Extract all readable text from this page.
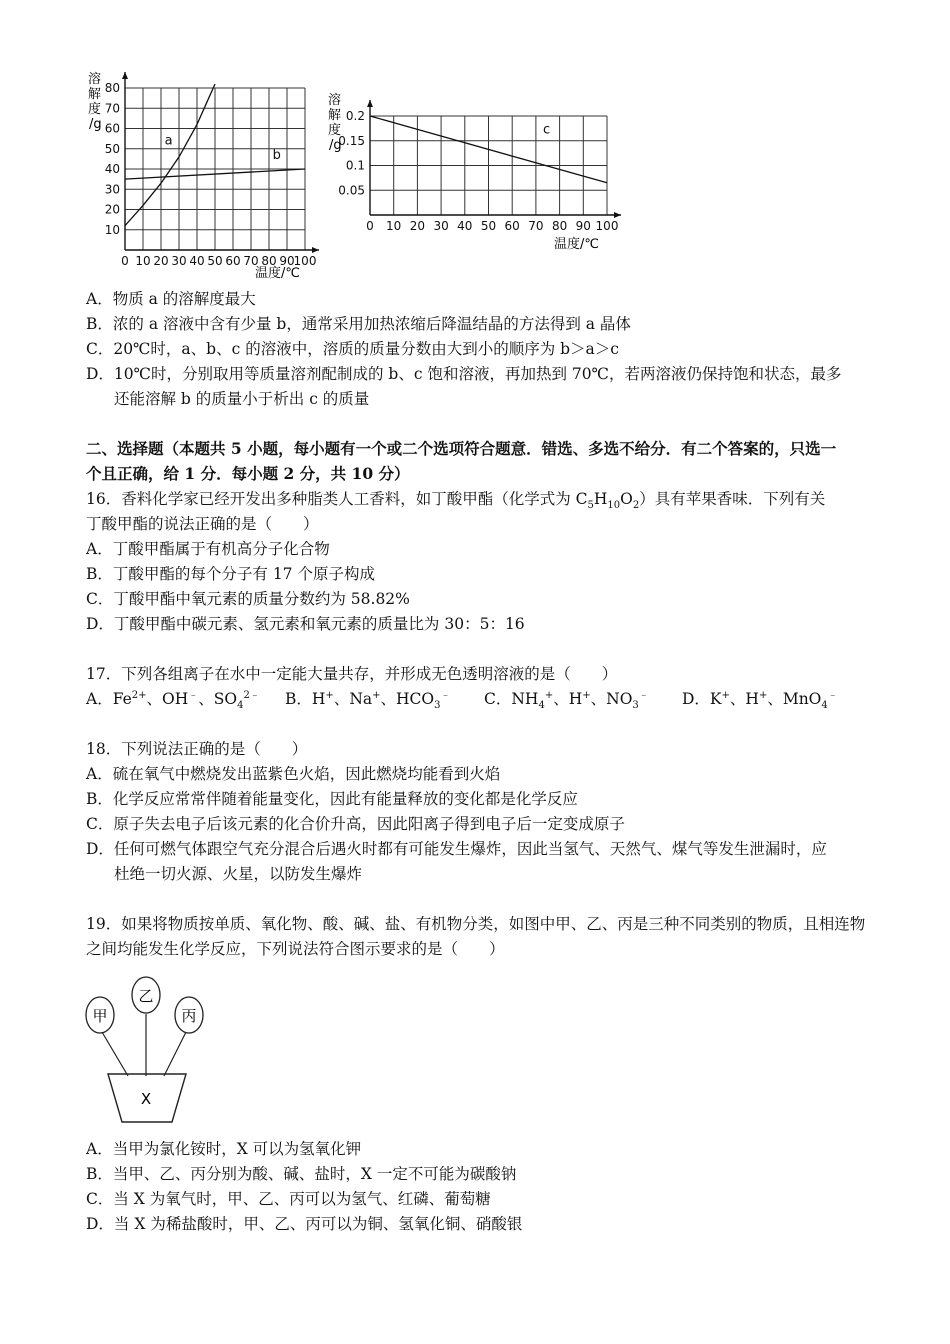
0 10 20 30 40 50 60 70 80 90
100
10
20
30
40
50
60
70
80
a
b
溶
解
度
/g
温度/℃
0 10 20 30 40 50 60 70 80 90 100
0.05
0.1
0.15
0.2
c
溶
解
度
/g
温度/℃
A．物质 a 的溶解度最大
B．浓的 a 溶液中含有少量 b，通常采用加热浓缩后降温结晶的方法得到 a 晶体
C．20℃时，a、b、c 的溶液中，溶质的质量分数由大到小的顺序为 b＞a＞c
D．10℃时，分别取用等质量溶剂配制成的 b、c 饱和溶液，再加热到 70℃，若两溶液仍保持饱和状态，最多
还能溶解 b 的质量小于析出 c 的质量
二、选择题（本题共 5 小题，每小题有一个或二个选项符合题意．错选、多选不给分．有二个答案的，只选一
个且正确，给 1 分．每小题 2 分，共 10 分）
16．香料化学家已经开发出多种脂类人工香料，如丁酸甲酯（化学式为 $C_5H_{10}O_2$）具有苹果香味．下列有关
丁酸甲酯的说法正确的是（　　）
A．丁酸甲酯属于有机高分子化合物
B．丁酸甲酯的每个分子有 17 个原子构成
C．丁酸甲酯中氧元素的质量分数约为 58.82%
D．丁酸甲酯中碳元素、氢元素和氧元素的质量比为 30：5：16
17．下列各组离子在水中一定能大量共存，并形成无色透明溶液的是（　　）
A．$Fe^{2+}$、OH﹣、$SO_4^{2﹣}$ B．H+、Na+、$HCO_3^﹣$ C．$NH_4^+$、H+、$NO_3^﹣$ D．K+、H+、MnO$_4$﹣
18．下列说法正确的是（　　）
A．硫在氧气中燃烧发出蓝紫色火焰，因此燃烧均能看到火焰
B．化学反应常常伴随着能量变化，因此有能量释放的变化都是化学反应
C．原子失去电子后该元素的化合价升高，因此阳离子得到电子后一定变成原子
D．任何可燃气体跟空气充分混合后遇火时都有可能发生爆炸，因此当氢气、天然气、煤气等发生泄漏时，应
杜绝一切火源、火星，以防发生爆炸
19．如果将物质按单质、氧化物、酸、碱、盐、有机物分类，如图中甲、乙、丙是三种不同类别的物质，且相连物
之间均能发生化学反应，下列说法符合图示要求的是（　　）
甲
乙
丙
X
A．当甲为氯化铵时，X 可以为氢氧化钾
B．当甲、乙、丙分别为酸、碱、盐时，X 一定不可能为碳酸钠
C．当 X 为氧气时，甲、乙、丙可以为氢气、红磷、葡萄糖
D．当 X 为稀盐酸时，甲、乙、丙可以为铜、氢氧化铜、硝酸银
